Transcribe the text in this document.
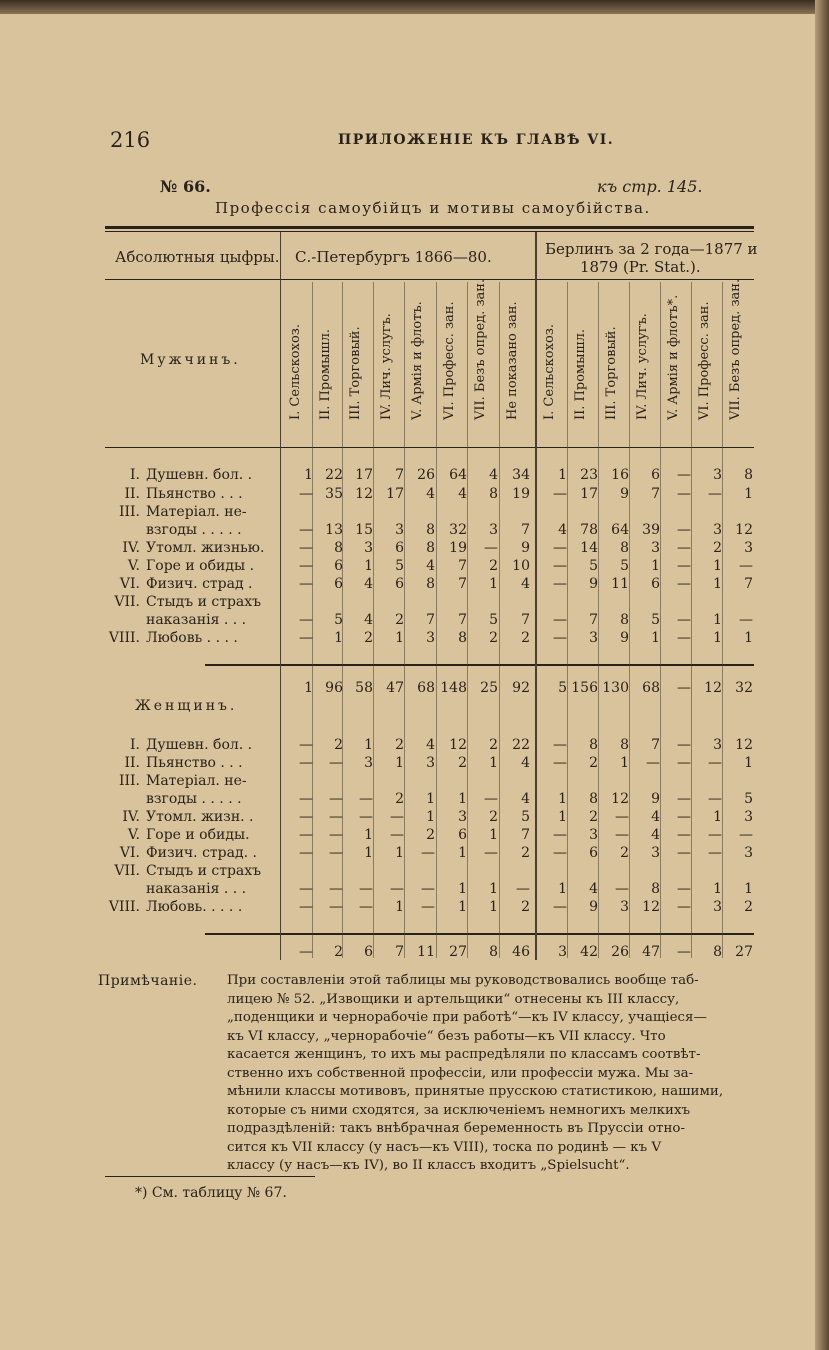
216	ПРИЛОЖЕНІЕ КЪ ГЛАВѢ VI.
№ 66.	къ стр. 145.
Профессія самоубійцъ и мотивы самоубійства.
Абсолютныя цыфры. С.-Петербургъ 1866—80.	Берлинъ за 2 года—1877 и
1879 (Pr. Stat.).
Мужчинъ.
Женщинъ.
Примѣчаніе.
*) См. таблицу № 67.
I. Сельскохоз. II. Промышл. III. Торговый. IV. Лич. услугъ. V. Армія и флотъ. VI. Професс. зан. VII. Безъ опред. зан. Не показано зан. I. Сельскохоз. II. Промышл. III. Торговый. IV. Лич. услугъ. V. Армія и флотъ*. VI. Професс. зан. VII. Безъ опред. зан.
I. Душевн. бол. .	1 22 17	7 26	64	4	34	1 23 16	6	—	3	8
II. Пьянство . . .	— 35 12 17	4	4	8	19	— 17	9	7	—	—	1
III. Матеріал. не-
взгоды . . . . .	— 13 15	3	8	32	3	7	4 78 64 39	—	3 12
IV. Утомл. жизнью.	—	8	3	6	8	19	—	9	— 14	8	3	—	2	3
V. Горе и обиды .	—	6	1	5	4	7	2	10	—	5	5	1	—	1	—
VI. Физич. страд .	—	6	4	6	8	7	1	4	—	9 11	6	—	1	7
VII. Стыдъ и страхъ
наказанія . . .	—	5	4	2	7	7	5	7	—	7	8	5	—	1	—
VIII. Любовь . . . .	—	1	2	1	3	8	2	2	—	3	9	1	—	1	1
1 96 58 47 68 148 25	92	5 156 130 68	— 12 32
I. Душевн. бол. .	—	2	1	2	4	12	2	22	—	8	8	7	—	3 12
II. Пьянство . . .	—	—	3	1	3	2	1	4	—	2	1	—	—	—	1
III. Матеріал. не-
взгоды . . . . .	—	—	—	2	1	1	—	4	1	8 12	9	—	—	5
IV. Утомл. жизн. .	—	—	—	—	1	3	2	5	1	2	—	4	—	1	3
V. Горе и обиды.	—	—	1	—	2	6	1	7	—	3	—	4	—	—	—
VI. Физич. страд. .	—	—	1	1	—	1	—	2	—	6	2	3	—	—	3
VII. Стыдъ и страхъ
наказанія . . .	—	—	—	—	—	1	1	—	1	4	—	8	—	1	1
VIII. Любовь. . . . .	—	—	—	1	—	1	1	2	—	9	3 12	—	3	2
—	2	6	7 11	27	8	46	3 42 26 47	—	8 27
При составленіи этой таблицы мы руководствовались вообще таб-
лицею № 52. „Извощики и артельщики“ отнесены къ III классу,
„поденщики и чернорабочіе при работѣ“—къ IV классу, учащіеся—
къ VI классу, „чернорабочіе“ безъ работы—къ VII классу. Что
касается женщинъ, то ихъ мы распредѣляли по классамъ соотвѣт-
ственно ихъ собственной профессіи, или профессіи мужа. Мы за-
мѣнили классы мотивовъ, принятые прусскою статистикою, нашими,
которые съ ними сходятся, за исключеніемъ немногихъ мелкихъ
подраздѣленій: такъ внѣбрачная беременность въ Пруссіи отно-
сится къ VII классу (у насъ—къ VIII), тоска по родинѣ — къ V
классу (у насъ—къ IV), во II классъ входитъ „Spielsucht“.
